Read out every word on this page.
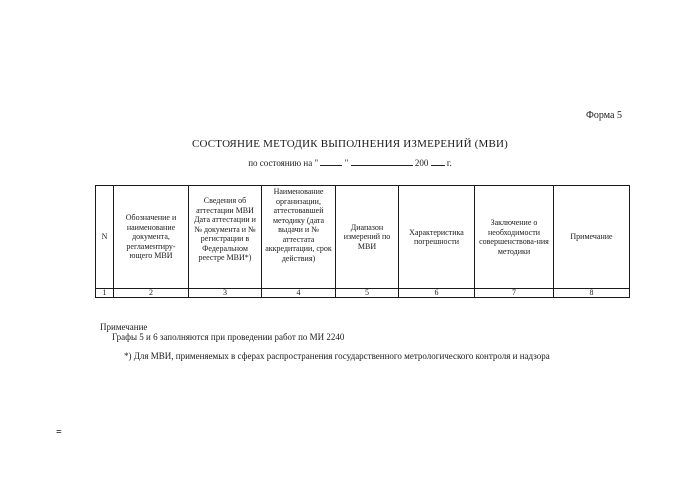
Форма 5
СОСТОЯНИЕ МЕТОДИК ВЫПОЛНЕНИЯ ИЗМЕРЕНИЙ (МВИ)
по состоянию на "	"	200 г.
N	Обозначение и наименование документа, регламентиру-ющего МВИ	Сведения об аттестации МВИ Дата аттестации и № документа и № регистрации в Федеральном реестре МВИ*)	Наименование организации, аттестовавшей методику (дата выдачи и № аттестата аккредитации, срок действия)	Диапазон измерений по МВИ	Характеристика погрешности	Заключение о необходимости совершенствова-ния методики	Примечание
1	2	3	4	5	6	7	8
Примечание
Графы 5 и 6 заполняются при проведении работ по МИ 2240
*) Для МВИ, применяемых в сферах распространения государственного метрологического контроля и надзора
=
